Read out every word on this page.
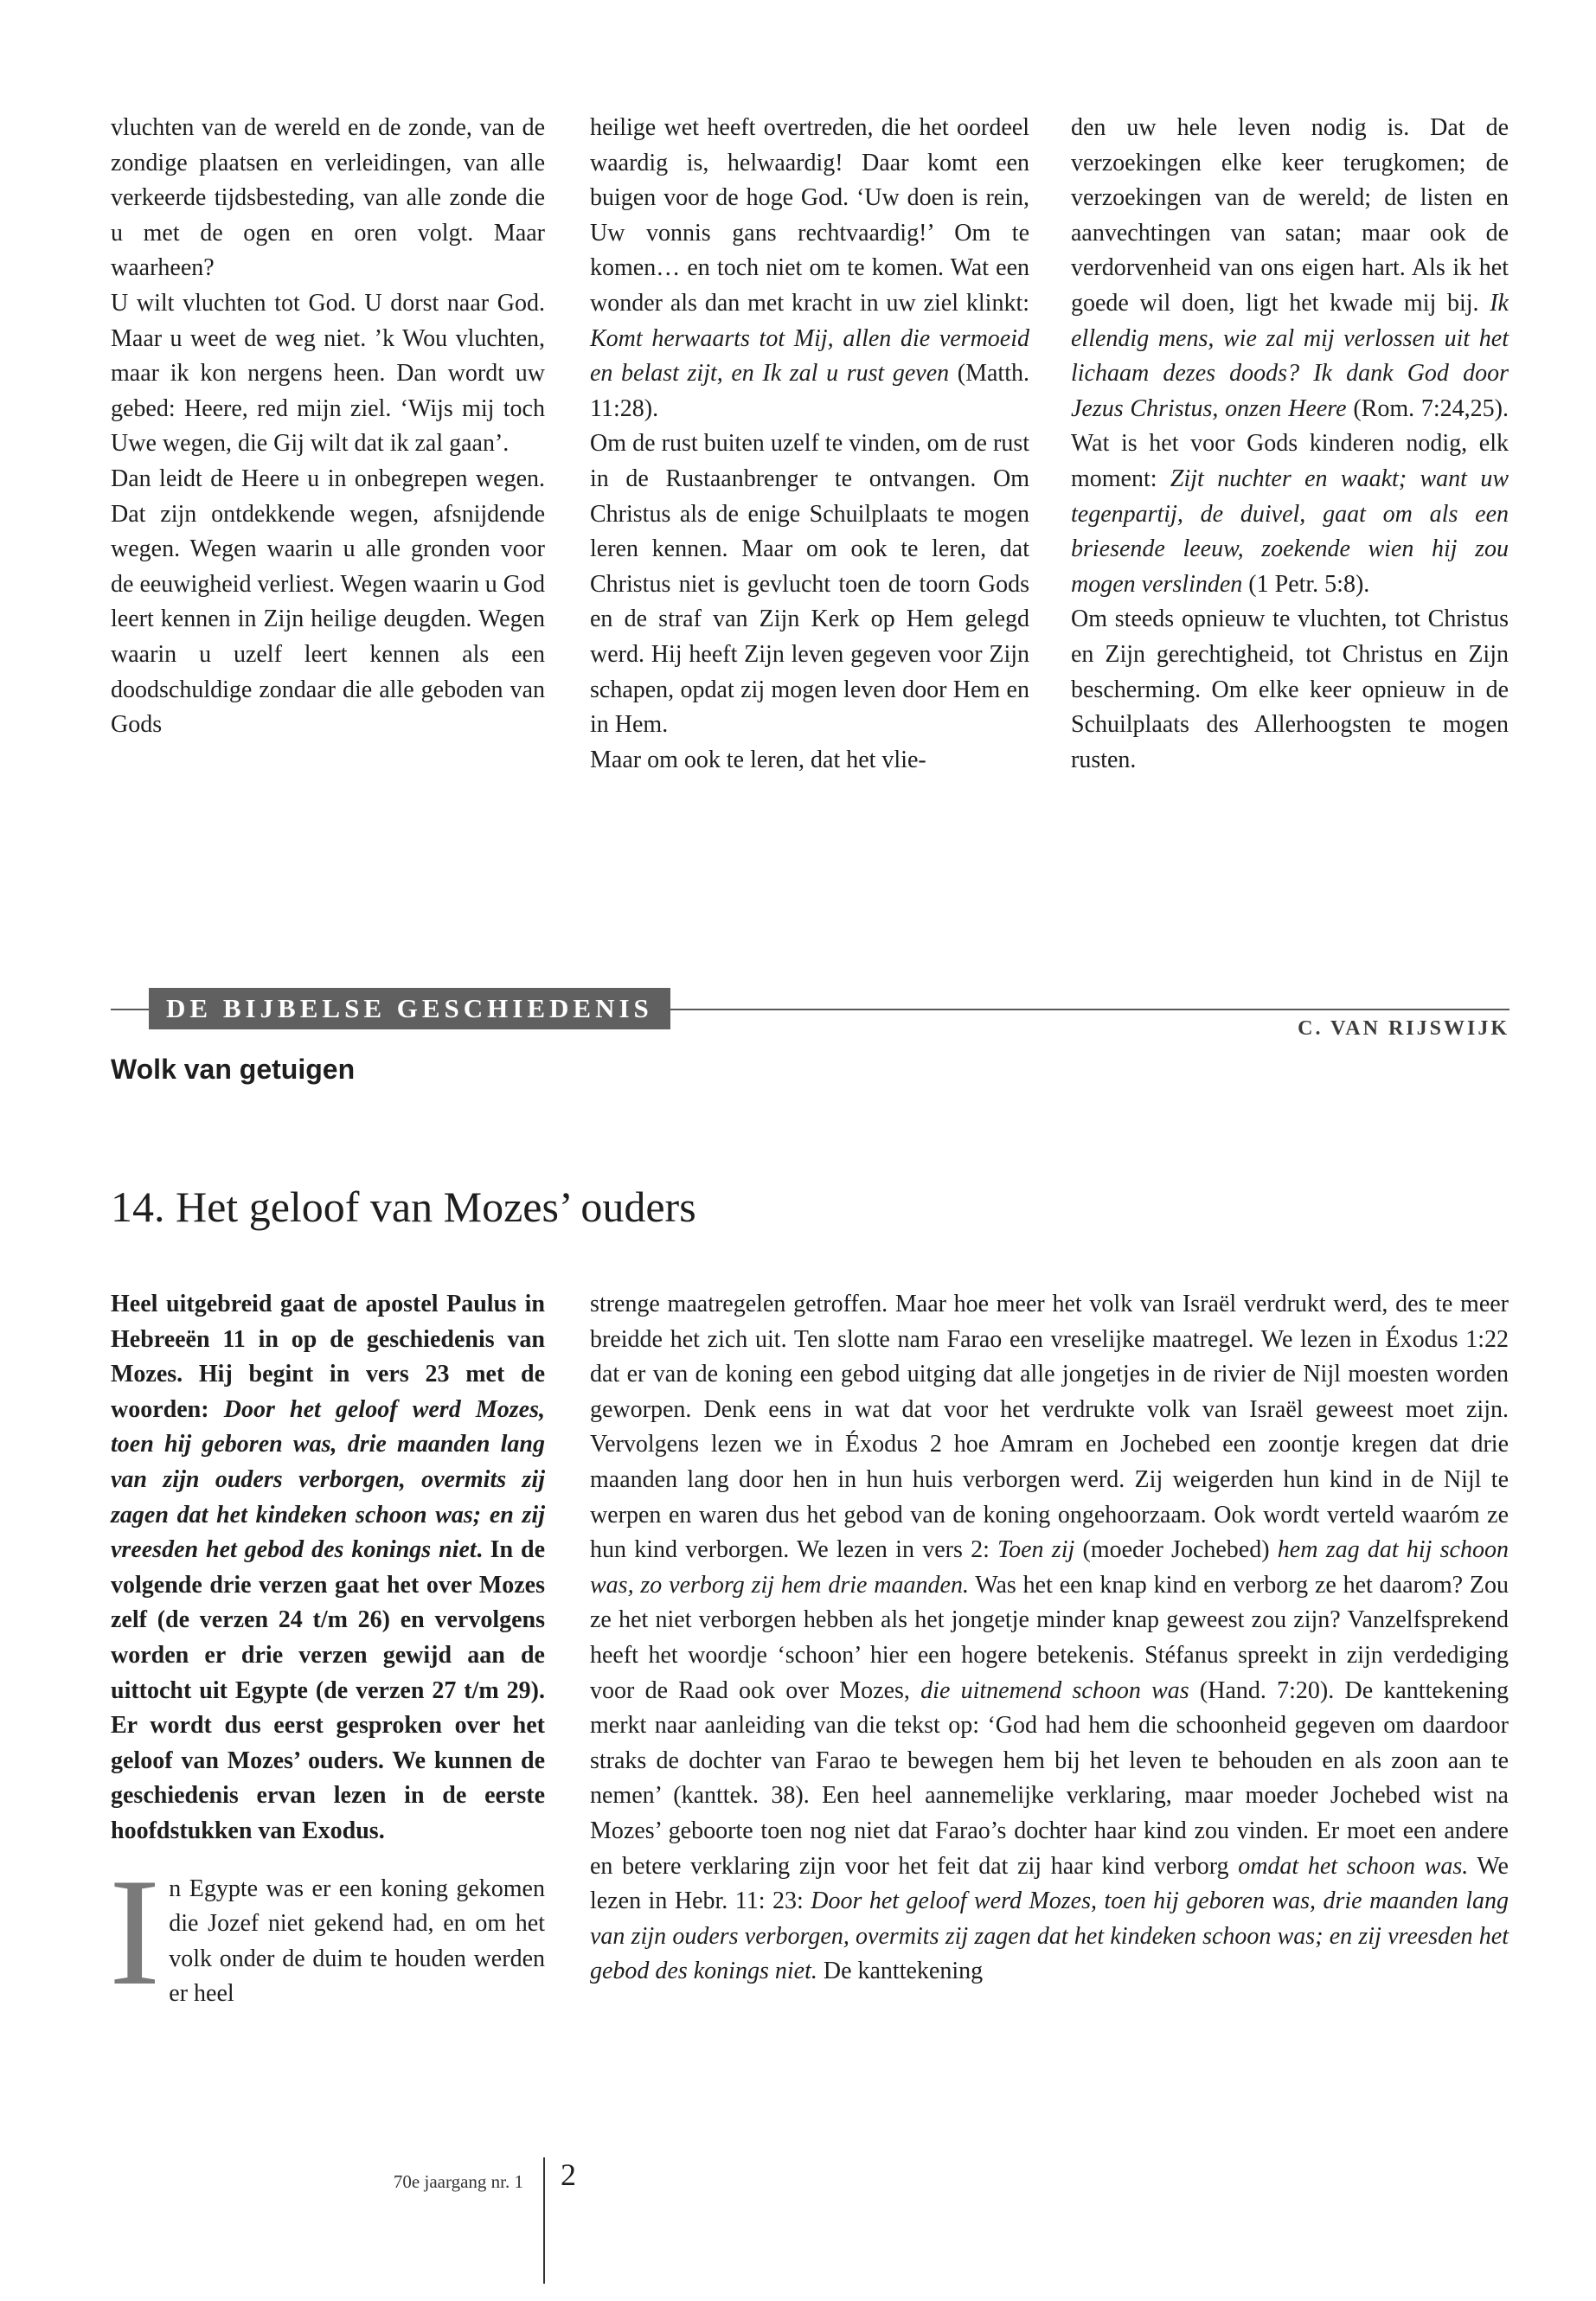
vluchten van de wereld en de zonde, van de zondige plaatsen en verleidingen, van alle verkeerde tijdsbesteding, van alle zonde die u met de ogen en oren volgt. Maar waarheen?

U wilt vluchten tot God. U dorst naar God. Maar u weet de weg niet. ’k Wou vluchten, maar ik kon nergens heen. Dan wordt uw gebed: Heere, red mijn ziel. ‘Wijs mij toch Uwe wegen, die Gij wilt dat ik zal gaan’.

Dan leidt de Heere u in onbegrepen wegen. Dat zijn ontdekkende wegen, afsnijdende wegen. Wegen waarin u alle gronden voor de eeuwigheid verliest. Wegen waarin u God leert kennen in Zijn heilige deugden. Wegen waarin u uzelf leert kennen als een doodschuldige zondaar die alle geboden van Gods

heilige wet heeft overtreden, die het oordeel waardig is, helwaardig! Daar komt een buigen voor de hoge God. ‘Uw doen is rein, Uw vonnis gans rechtvaardig!’ Om te komen… en toch niet om te komen. Wat een wonder als dan met kracht in uw ziel klinkt: Komt herwaarts tot Mij, allen die vermoeid en belast zijt, en Ik zal u rust geven (Matth. 11:28).

Om de rust buiten uzelf te vinden, om de rust in de Rustaanbrenger te ontvangen. Om Christus als de enige Schuilplaats te mogen leren kennen. Maar om ook te leren, dat Christus niet is gevlucht toen de toorn Gods en de straf van Zijn Kerk op Hem gelegd werd. Hij heeft Zijn leven gegeven voor Zijn schapen, opdat zij mogen leven door Hem en in Hem.

Maar om ook te leren, dat het vlie-

den uw hele leven nodig is. Dat de verzoekingen elke keer terugkomen; de verzoekingen van de wereld; de listen en aanvechtingen van satan; maar ook de verdorvenheid van ons eigen hart. Als ik het goede wil doen, ligt het kwade mij bij. Ik ellendig mens, wie zal mij verlossen uit het lichaam dezes doods? Ik dank God door Jezus Christus, onzen Heere (Rom. 7:24,25). Wat is het voor Gods kinderen nodig, elk moment: Zijt nuchter en waakt; want uw tegenpartij, de duivel, gaat om als een briesende leeuw, zoekende wien hij zou mogen verslinden (1 Petr. 5:8).

Om steeds opnieuw te vluchten, tot Christus en Zijn gerechtigheid, tot Christus en Zijn bescherming. Om elke keer opnieuw in de Schuilplaats des Allerhoogsten te mogen rusten.

DE BIJBELSE GESCHIEDENIS
C. VAN RIJSWIJK
Wolk van getuigen
14. Het geloof van Mozes’ ouders

Heel uitgebreid gaat de apostel Paulus in Hebreeën 11 in op de geschiedenis van Mozes. Hij begint in vers 23 met de woorden: Door het geloof werd Mozes, toen hij geboren was, drie maanden lang van zijn ouders verborgen, overmits zij zagen dat het kindeken schoon was; en zij vreesden het gebod des konings niet. In de volgende drie verzen gaat het over Mozes zelf (de verzen 24 t/m 26) en vervolgens worden er drie verzen gewijd aan de uittocht uit Egypte (de verzen 27 t/m 29). Er wordt dus eerst gesproken over het geloof van Mozes’ ouders. We kunnen de geschiedenis ervan lezen in de eerste hoofdstukken van Exodus.

In Egypte was er een koning gekomen die Jozef niet gekend had, en om het volk onder de duim te houden werden er heel

strenge maatregelen getroffen. Maar hoe meer het volk van Israël verdrukt werd, des te meer breidde het zich uit. Ten slotte nam Farao een vreselijke maatregel. We lezen in Éxodus 1:22 dat er van de koning een gebod uitging dat alle jongetjes in de rivier de Nijl moesten worden geworpen. Denk eens in wat dat voor het verdrukte volk van Israël geweest moet zijn. Vervolgens lezen we in Éxodus 2 hoe Amram en Jochebed een zoontje kregen dat drie maanden lang door hen in hun huis verborgen werd. Zij weigerden hun kind in de Nijl te werpen en waren dus het gebod van de koning ongehoorzaam. Ook wordt verteld waaróm ze hun kind verborgen. We lezen in vers 2: Toen zij (moeder Jochebed) hem zag dat hij schoon was, zo verborg zij hem drie maanden. Was het een knap kind en verborg ze het daarom? Zou ze het niet verborgen hebben als het jongetje minder knap geweest zou zijn? Vanzelfsprekend heeft het woordje ‘schoon’ hier een hogere betekenis. Stéfanus spreekt in zijn verdediging voor de Raad ook over Mozes, die uitnemend schoon was (Hand. 7:20). De kanttekening merkt naar aanleiding van die tekst op: ‘God had hem die schoonheid gegeven om daardoor straks de dochter van Farao te bewegen hem bij het leven te behouden en als zoon aan te nemen’ (kanttek. 38). Een heel aannemelijke verklaring, maar moeder Jochebed wist na Mozes’ geboorte toen nog niet dat Farao’s dochter haar kind zou vinden. Er moet een andere en betere verklaring zijn voor het feit dat zij haar kind verborg omdat het schoon was. We lezen in Hebr. 11: 23: Door het geloof werd Mozes, toen hij geboren was, drie maanden lang van zijn ouders verborgen, overmits zij zagen dat het kindeken schoon was; en zij vreesden het gebod des konings niet. De kanttekening

70e jaargang nr. 1 2
